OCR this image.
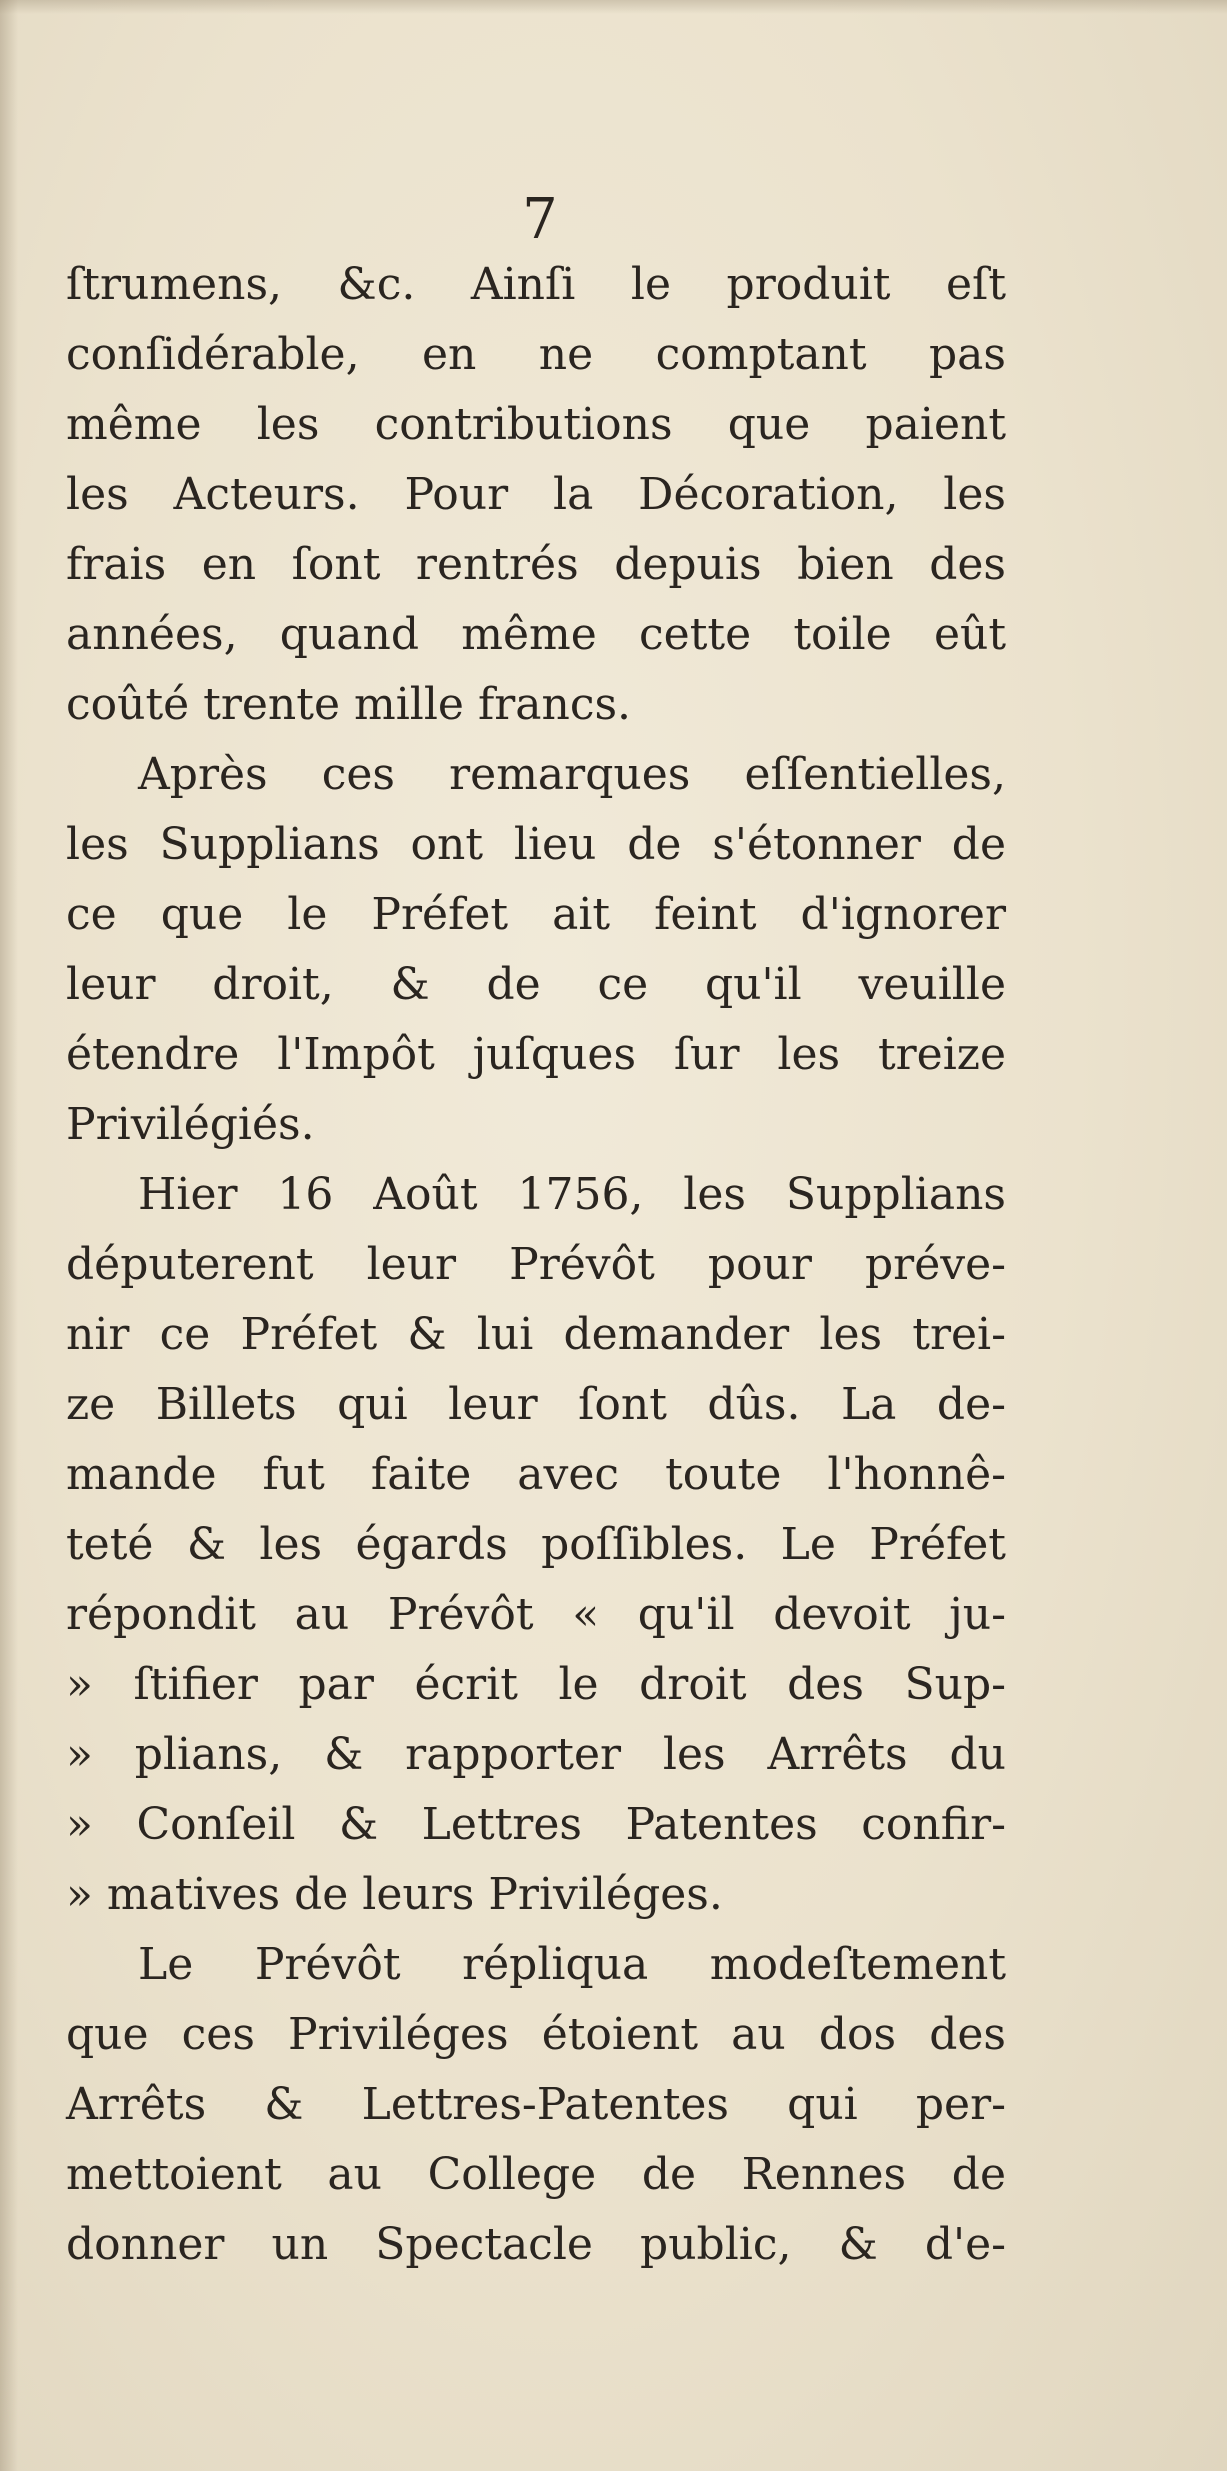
7
ſtrumens, &c. Ainſi le produit eſt
conſidérable, en ne comptant pas
même les contributions que paient
les Acteurs. Pour la Décoration, les
frais en ſont rentrés depuis bien des
années, quand même cette toile eût
coûté trente mille francs.
Après ces remarques eſſentielles,
les Supplians ont lieu de s'étonner de
ce que le Préfet ait feint d'ignorer
leur droit, & de ce qu'il veuille
étendre l'Impôt juſques ſur les treize
Privilégiés.
Hier 16 Août 1756, les Supplians
députerent leur Prévôt pour préve-
nir ce Préfet & lui demander les trei-
ze Billets qui leur ſont dûs. La de-
mande fut faite avec toute l'honnê-
teté & les égards poſſibles. Le Préfet
répondit au Prévôt « qu'il devoit ju-
» ſtifier par écrit le droit des Sup-
» plians, & rapporter les Arrêts du
» Conſeil & Lettres Patentes confir-
» matives de leurs Priviléges.
Le Prévôt répliqua modeſtement
que ces Priviléges étoient au dos des
Arrêts & Lettres-Patentes qui per-
mettoient au College de Rennes de
donner un Spectacle public, & d'e-
